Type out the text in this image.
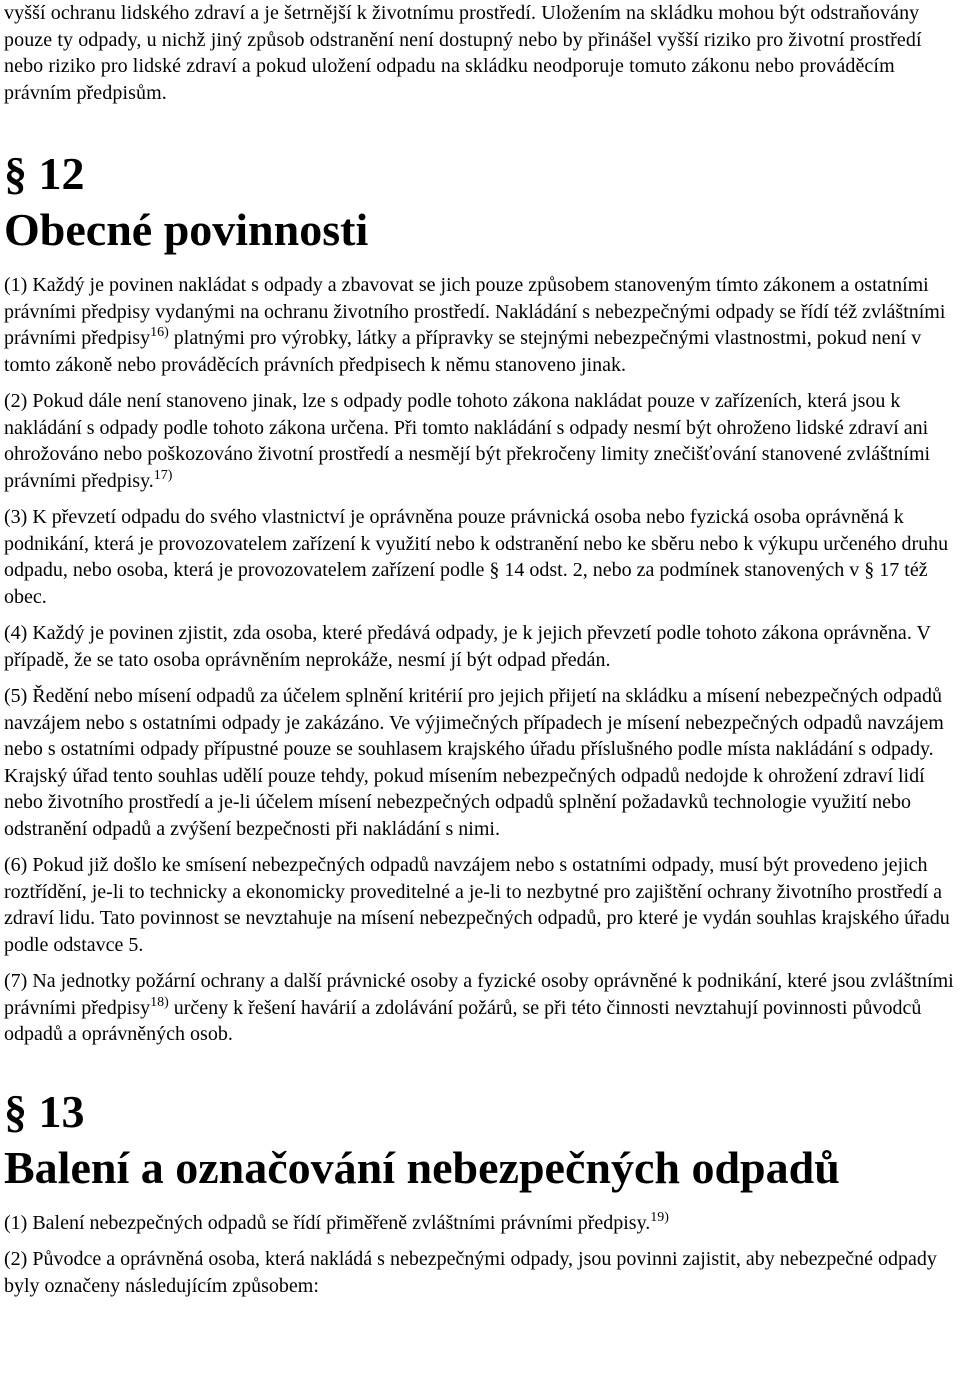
vyšší ochranu lidského zdraví a je šetrnější k životnímu prostředí. Uložením na skládku mohou být odstraňovány pouze ty odpady, u nichž jiný způsob odstranění není dostupný nebo by přinášel vyšší riziko pro životní prostředí nebo riziko pro lidské zdraví a pokud uložení odpadu na skládku neodporuje tomuto zákonu nebo prováděcím právním předpisům.

§ 12
Obecné povinnosti

(1) Každý je povinen nakládat s odpady a zbavovat se jich pouze způsobem stanoveným tímto zákonem a ostatními právními předpisy vydanými na ochranu životního prostředí. Nakládání s nebezpečnými odpady se řídí též zvláštními právními předpisy$^{16)}$ platnými pro výrobky, látky a přípravky se stejnými nebezpečnými vlastnostmi, pokud není v tomto zákoně nebo prováděcích právních předpisech k němu stanoveno jinak.

(2) Pokud dále není stanoveno jinak, lze s odpady podle tohoto zákona nakládat pouze v zařízeních, která jsou k nakládání s odpady podle tohoto zákona určena. Při tomto nakládání s odpady nesmí být ohroženo lidské zdraví ani ohrožováno nebo poškozováno životní prostředí a nesmějí být překročeny limity znečišťování stanovené zvláštními právními předpisy.$^{17)}$

(3) K převzetí odpadu do svého vlastnictví je oprávněna pouze právnická osoba nebo fyzická osoba oprávněná k podnikání, která je provozovatelem zařízení k využití nebo k odstranění nebo ke sběru nebo k výkupu určeného druhu odpadu, nebo osoba, která je provozovatelem zařízení podle § 14 odst. 2, nebo za podmínek stanovených v § 17 též obec.

(4) Každý je povinen zjistit, zda osoba, které předává odpady, je k jejich převzetí podle tohoto zákona oprávněna. V případě, že se tato osoba oprávněním neprokáže, nesmí jí být odpad předán.

(5) Ředění nebo mísení odpadů za účelem splnění kritérií pro jejich přijetí na skládku a mísení nebezpečných odpadů navzájem nebo s ostatními odpady je zakázáno. Ve výjimečných případech je mísení nebezpečných odpadů navzájem nebo s ostatními odpady přípustné pouze se souhlasem krajského úřadu příslušného podle místa nakládání s odpady. Krajský úřad tento souhlas udělí pouze tehdy, pokud mísením nebezpečných odpadů nedojde k ohrožení zdraví lidí nebo životního prostředí a je-li účelem mísení nebezpečných odpadů splnění požadavků technologie využití nebo odstranění odpadů a zvýšení bezpečnosti při nakládání s nimi.

(6) Pokud již došlo ke smísení nebezpečných odpadů navzájem nebo s ostatními odpady, musí být provedeno jejich roztřídění, je-li to technicky a ekonomicky proveditelné a je-li to nezbytné pro zajištění ochrany životního prostředí a zdraví lidu. Tato povinnost se nevztahuje na mísení nebezpečných odpadů, pro které je vydán souhlas krajského úřadu podle odstavce 5.

(7) Na jednotky požární ochrany a další právnické osoby a fyzické osoby oprávněné k podnikání, které jsou zvláštními právními předpisy$^{18)}$ určeny k řešení havárií a zdolávání požárů, se při této činnosti nevztahují povinnosti původců odpadů a oprávněných osob.

§ 13
Balení a označování nebezpečných odpadů

(1) Balení nebezpečných odpadů se řídí přiměřeně zvláštními právními předpisy.$^{19)}$

(2) Původce a oprávněná osoba, která nakládá s nebezpečnými odpady, jsou povinni zajistit, aby nebezpečné odpady byly označeny následujícím způsobem:
